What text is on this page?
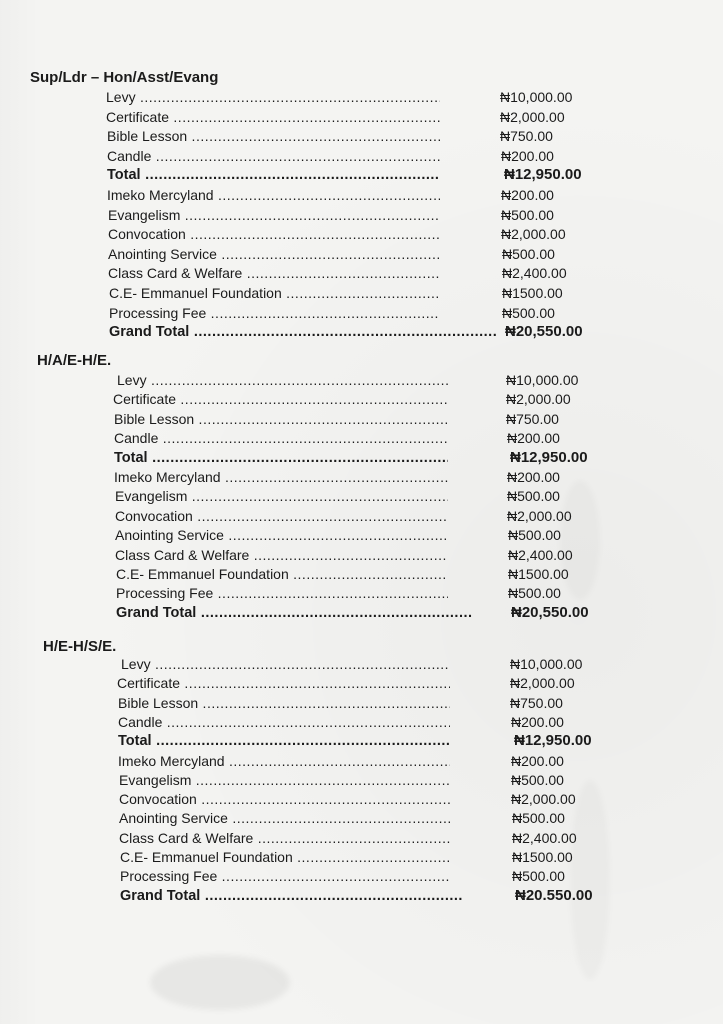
Sup/Ldr – Hon/Asst/Evang
Levy .....	₦10,000.00
Certificate .....	₦2,000.00
Bible Lesson .....	₦750.00
Candle .....	₦200.00
Total .....	₦12,950.00
Imeko Mercyland .....	₦200.00
Evangelism .....	₦500.00
Convocation .....	₦2,000.00
Anointing Service .....	₦500.00
Class Card & Welfare .....	₦2,400.00
C.E- Emmanuel Foundation .....	₦1500.00
Processing Fee .....	₦500.00
Grand Total .....	₦20,550.00
H/A/E-H/E.
Levy .....	₦10,000.00
Certificate .....	₦2,000.00
Bible Lesson .....	₦750.00
Candle .....	₦200.00
Total .....	₦12,950.00
Imeko Mercyland .....	₦200.00
Evangelism .....	₦500.00
Convocation .....	₦2,000.00
Anointing Service .....	₦500.00
Class Card & Welfare .....	₦2,400.00
C.E- Emmanuel Foundation .....	₦1500.00
Processing Fee .....	₦500.00
Grand Total .....	₦20,550.00
H/E-H/S/E.
Levy .....	₦10,000.00
Certificate .....	₦2,000.00
Bible Lesson .....	₦750.00
Candle .....	₦200.00
Total .....	₦12,950.00
Imeko Mercyland .....	₦200.00
Evangelism .....	₦500.00
Convocation .....	₦2,000.00
Anointing Service .....	₦500.00
Class Card & Welfare .....	₦2,400.00
C.E- Emmanuel Foundation .....	₦1500.00
Processing Fee .....	₦500.00
Grand Total .....	₦20.550.00
